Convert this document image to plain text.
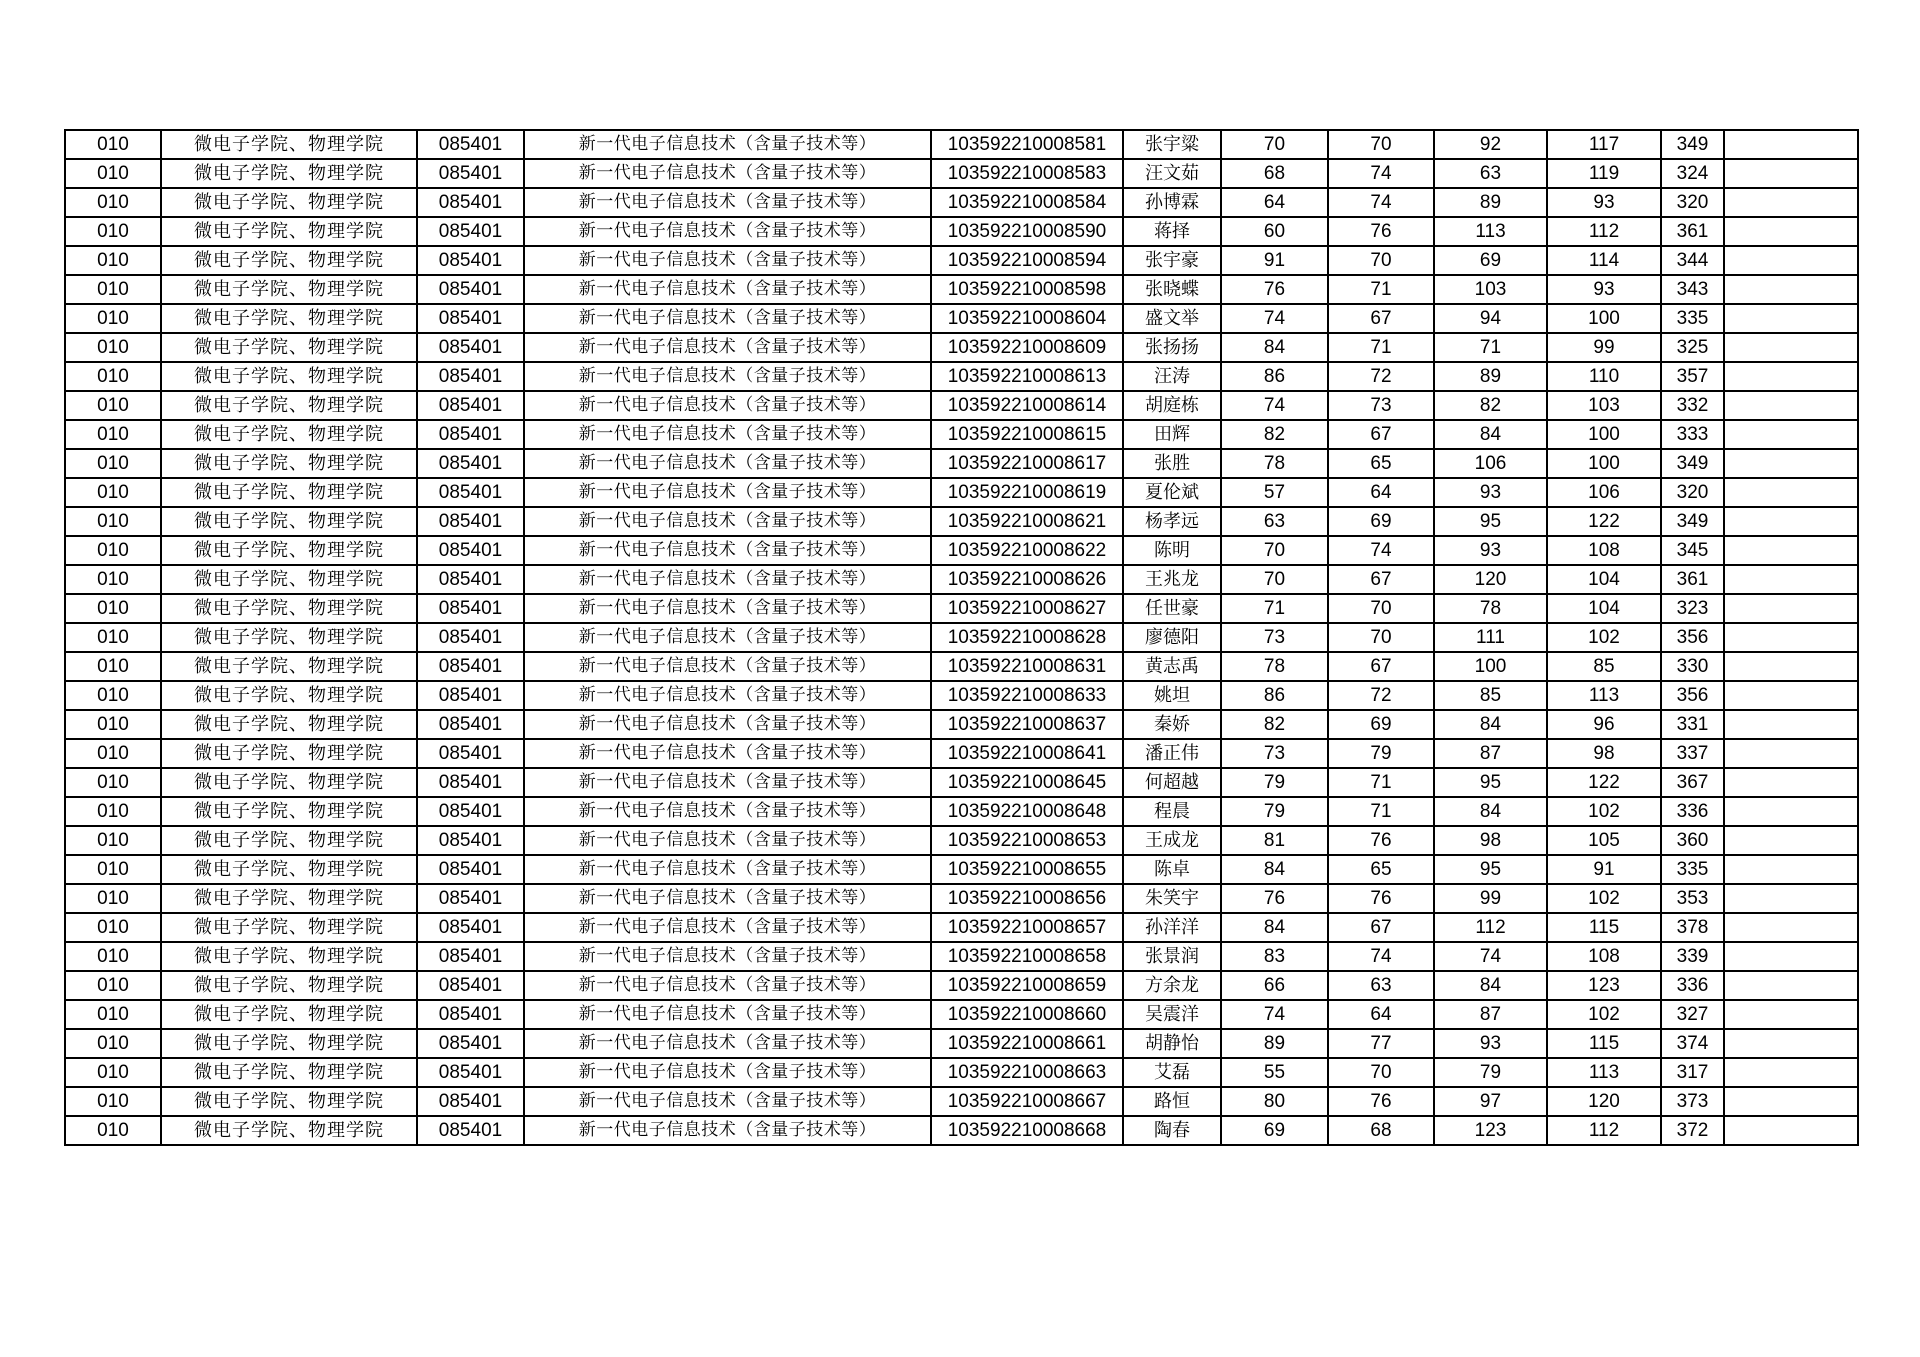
010	微电子学院、物理学院	085401	新一代电子信息技术（含量子技术等）	103592210008581	张宇粱	70	70	92	117	349	
010	微电子学院、物理学院	085401	新一代电子信息技术（含量子技术等）	103592210008583	汪文茹	68	74	63	119	324	
010	微电子学院、物理学院	085401	新一代电子信息技术（含量子技术等）	103592210008584	孙博霖	64	74	89	93	320	
010	微电子学院、物理学院	085401	新一代电子信息技术（含量子技术等）	103592210008590	蒋择	60	76	113	112	361	
010	微电子学院、物理学院	085401	新一代电子信息技术（含量子技术等）	103592210008594	张宇豪	91	70	69	114	344	
010	微电子学院、物理学院	085401	新一代电子信息技术（含量子技术等）	103592210008598	张晓蝶	76	71	103	93	343	
010	微电子学院、物理学院	085401	新一代电子信息技术（含量子技术等）	103592210008604	盛文举	74	67	94	100	335	
010	微电子学院、物理学院	085401	新一代电子信息技术（含量子技术等）	103592210008609	张扬扬	84	71	71	99	325	
010	微电子学院、物理学院	085401	新一代电子信息技术（含量子技术等）	103592210008613	汪涛	86	72	89	110	357	
010	微电子学院、物理学院	085401	新一代电子信息技术（含量子技术等）	103592210008614	胡庭栋	74	73	82	103	332	
010	微电子学院、物理学院	085401	新一代电子信息技术（含量子技术等）	103592210008615	田辉	82	67	84	100	333	
010	微电子学院、物理学院	085401	新一代电子信息技术（含量子技术等）	103592210008617	张胜	78	65	106	100	349	
010	微电子学院、物理学院	085401	新一代电子信息技术（含量子技术等）	103592210008619	夏伦斌	57	64	93	106	320	
010	微电子学院、物理学院	085401	新一代电子信息技术（含量子技术等）	103592210008621	杨孝远	63	69	95	122	349	
010	微电子学院、物理学院	085401	新一代电子信息技术（含量子技术等）	103592210008622	陈明	70	74	93	108	345	
010	微电子学院、物理学院	085401	新一代电子信息技术（含量子技术等）	103592210008626	王兆龙	70	67	120	104	361	
010	微电子学院、物理学院	085401	新一代电子信息技术（含量子技术等）	103592210008627	任世豪	71	70	78	104	323	
010	微电子学院、物理学院	085401	新一代电子信息技术（含量子技术等）	103592210008628	廖德阳	73	70	111	102	356	
010	微电子学院、物理学院	085401	新一代电子信息技术（含量子技术等）	103592210008631	黄志禹	78	67	100	85	330	
010	微电子学院、物理学院	085401	新一代电子信息技术（含量子技术等）	103592210008633	姚坦	86	72	85	113	356	
010	微电子学院、物理学院	085401	新一代电子信息技术（含量子技术等）	103592210008637	秦娇	82	69	84	96	331	
010	微电子学院、物理学院	085401	新一代电子信息技术（含量子技术等）	103592210008641	潘正伟	73	79	87	98	337	
010	微电子学院、物理学院	085401	新一代电子信息技术（含量子技术等）	103592210008645	何超越	79	71	95	122	367	
010	微电子学院、物理学院	085401	新一代电子信息技术（含量子技术等）	103592210008648	程晨	79	71	84	102	336	
010	微电子学院、物理学院	085401	新一代电子信息技术（含量子技术等）	103592210008653	王成龙	81	76	98	105	360	
010	微电子学院、物理学院	085401	新一代电子信息技术（含量子技术等）	103592210008655	陈卓	84	65	95	91	335	
010	微电子学院、物理学院	085401	新一代电子信息技术（含量子技术等）	103592210008656	朱笑宇	76	76	99	102	353	
010	微电子学院、物理学院	085401	新一代电子信息技术（含量子技术等）	103592210008657	孙洋洋	84	67	112	115	378	
010	微电子学院、物理学院	085401	新一代电子信息技术（含量子技术等）	103592210008658	张景润	83	74	74	108	339	
010	微电子学院、物理学院	085401	新一代电子信息技术（含量子技术等）	103592210008659	方余龙	66	63	84	123	336	
010	微电子学院、物理学院	085401	新一代电子信息技术（含量子技术等）	103592210008660	吴震洋	74	64	87	102	327	
010	微电子学院、物理学院	085401	新一代电子信息技术（含量子技术等）	103592210008661	胡静怡	89	77	93	115	374	
010	微电子学院、物理学院	085401	新一代电子信息技术（含量子技术等）	103592210008663	艾磊	55	70	79	113	317	
010	微电子学院、物理学院	085401	新一代电子信息技术（含量子技术等）	103592210008667	路恒	80	76	97	120	373	
010	微电子学院、物理学院	085401	新一代电子信息技术（含量子技术等）	103592210008668	陶春	69	68	123	112	372	
